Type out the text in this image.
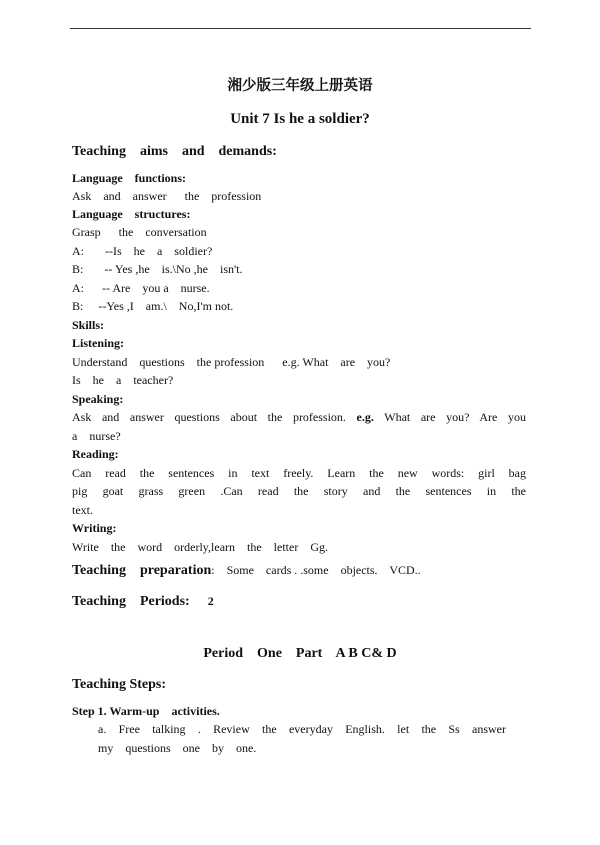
湘少版三年级上册英语
Unit 7 Is he a soldier?
Teaching    aims    and    demands:
Language    functions:
Ask    and    answer      the    profession
Language    structures:
Grasp      the    conversation
A:       --Is    he    a    soldier?
B:       -- Yes ,he    is.\No ,he    isn't.
A:      -- Are    you a    nurse.
B:     --Yes ,I    am.\    No,I'm not.
Skills:
Listening:
Understand    questions    the profession      e.g. What    are    you?
Is    he    a    teacher?
Speaking:
Ask and answer questions about the profession. e.g. What are you? Are you
a    nurse?
Reading:
Can read the sentences in text freely. Learn the new words: girl bag
pig goat grass green .Can read the story and the sentences in the
text.
Writing:
Write    the    word    orderly,learn    the    letter    Gg.
Teaching    preparation:    Some    cards . .some    objects.    VCD..
Teaching    Periods: 2
Period    One    Part    A B C& D
Teaching Steps:
Step 1. Warm-up    activities.
a. Free talking . Review the everyday English. let the Ss answer
my    questions    one    by    one.
